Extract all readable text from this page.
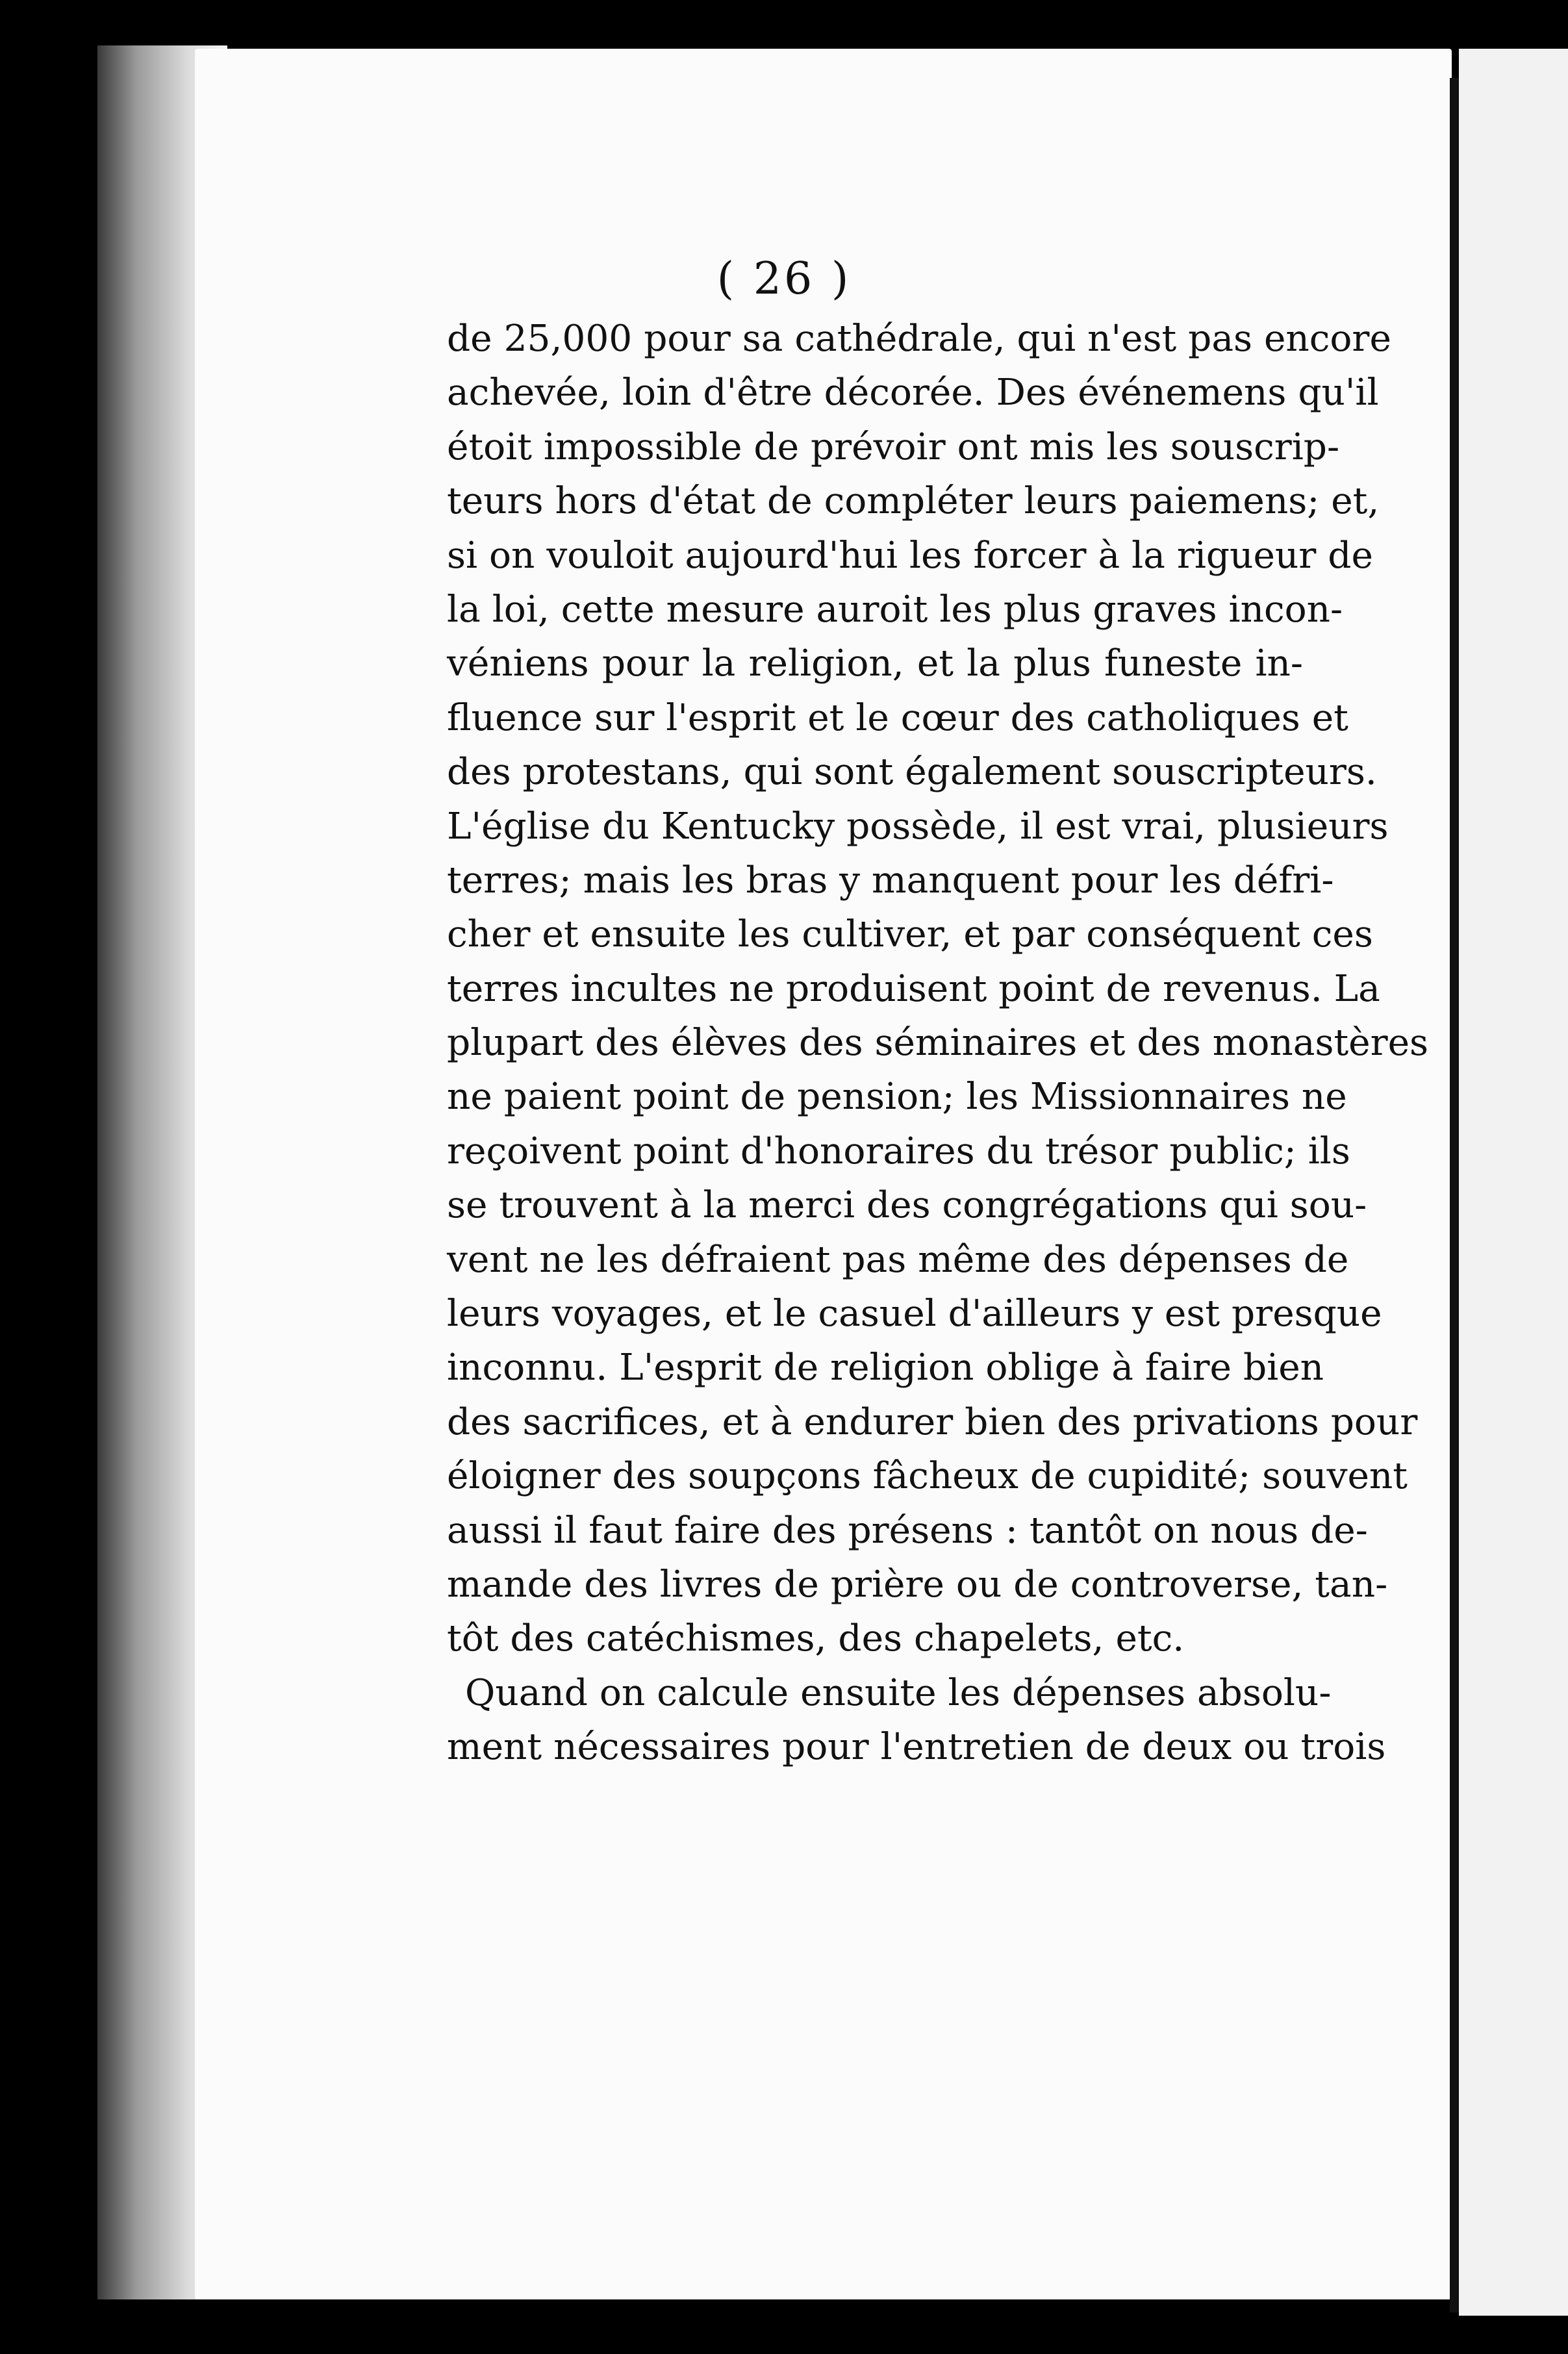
( 26 )
de 25,000 pour sa cathédrale, qui n'est pas encore
achevée, loin d'être décorée. Des événemens qu'il
étoit impossible de prévoir ont mis les souscrip-
teurs hors d'état de compléter leurs paiemens; et,
si on vouloit aujourd'hui les forcer à la rigueur de
la loi, cette mesure auroit les plus graves incon-
véniens pour la religion, et la plus funeste in-
fluence sur l'esprit et le cœur des catholiques et
des protestans, qui sont également souscripteurs.
L'église du Kentucky possède, il est vrai, plusieurs
terres; mais les bras y manquent pour les défri-
cher et ensuite les cultiver, et par conséquent ces
terres incultes ne produisent point de revenus. La
plupart des élèves des séminaires et des monastères
ne paient point de pension; les Missionnaires ne
reçoivent point d'honoraires du trésor public; ils
se trouvent à la merci des congrégations qui sou-
vent ne les défraient pas même des dépenses de
leurs voyages, et le casuel d'ailleurs y est presque
inconnu. L'esprit de religion oblige à faire bien
des sacrifices, et à endurer bien des privations pour
éloigner des soupçons fâcheux de cupidité; souvent
aussi il faut faire des présens : tantôt on nous de-
mande des livres de prière ou de controverse, tan-
tôt des catéchismes, des chapelets, etc.
Quand on calcule ensuite les dépenses absolu-
ment nécessaires pour l'entretien de deux ou trois
